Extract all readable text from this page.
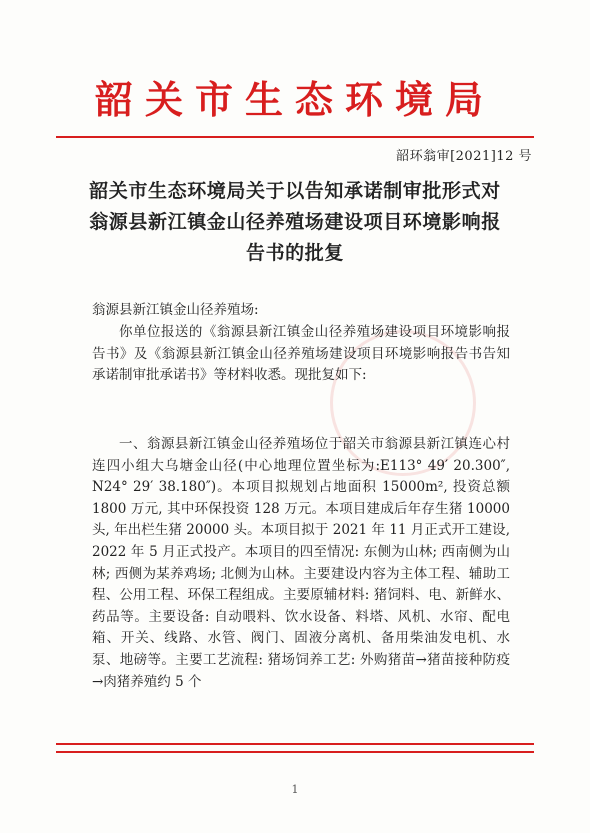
韶关市生态环境局
韶环翁审[2021]12 号
韶关市生态环境局关于以告知承诺制审批形式对翁源县新江镇金山径养殖场建设项目环境影响报告书的批复
翁源县新江镇金山径养殖场:

你单位报送的《翁源县新江镇金山径养殖场建设项目环境影响报告书》及《翁源县新江镇金山径养殖场建设项目环境影响报告书告知承诺制审批承诺书》等材料收悉。现批复如下:

一、翁源县新江镇金山径养殖场位于韶关市翁源县新江镇连心村连四小组大乌塘金山径(中心地理位置坐标为:E113° 49′ 20.300″, N24° 29′ 38.180″)。本项目拟规划占地面积 15000m², 投资总额 1800 万元, 其中环保投资 128 万元。本项目建成后年存生猪 10000 头, 年出栏生猪 20000 头。本项目拟于 2021 年 11 月正式开工建设, 2022 年 5 月正式投产。本项目的四至情况: 东侧为山林; 西南侧为山林; 西侧为某养鸡场; 北侧为山林。主要建设内容为主体工程、辅助工程、公用工程、环保工程组成。主要原辅材料: 猪饲料、电、新鲜水、药品等。主要设备: 自动喂料、饮水设备、料塔、风机、水帘、配电箱、开关、线路、水管、阀门、固液分离机、备用柴油发电机、水泵、地磅等。主要工艺流程: 猪场饲养工艺: 外购猪苗→猪苗接种防疫→肉猪养殖约 5 个

1
